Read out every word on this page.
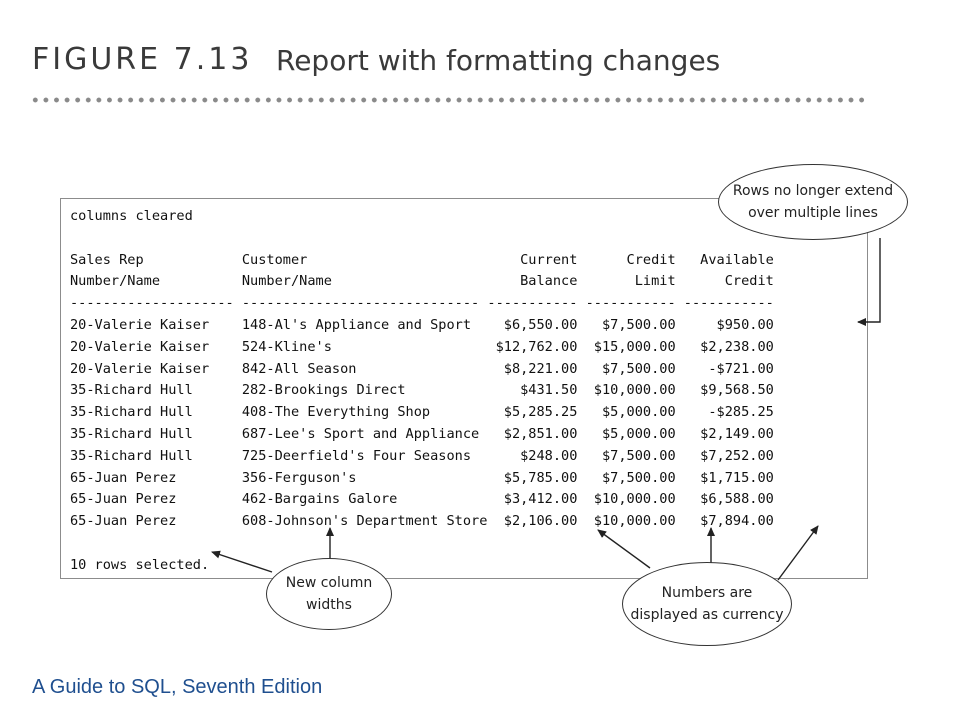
FIGURE 7.13 Report with formatting changes
columns cleared
Sales Rep            Customer                          Current      Credit   Available
Number/Name          Number/Name                       Balance       Limit      Credit
-------------------- ----------------------------- ----------- ----------- -----------
20-Valerie Kaiser    148-Al's Appliance and Sport    $6,550.00   $7,500.00     $950.00
20-Valerie Kaiser    524-Kline's                    $12,762.00  $15,000.00   $2,238.00
20-Valerie Kaiser    842-All Season                  $8,221.00   $7,500.00    -$721.00
35-Richard Hull      282-Brookings Direct              $431.50  $10,000.00   $9,568.50
35-Richard Hull      408-The Everything Shop         $5,285.25   $5,000.00    -$285.25
35-Richard Hull      687-Lee's Sport and Appliance   $2,851.00   $5,000.00   $2,149.00
35-Richard Hull      725-Deerfield's Four Seasons      $248.00   $7,500.00   $7,252.00
65-Juan Perez        356-Ferguson's                  $5,785.00   $7,500.00   $1,715.00
65-Juan Perez        462-Bargains Galore             $3,412.00  $10,000.00   $6,588.00
65-Juan Perez        608-Johnson's Department Store  $2,106.00  $10,000.00   $7,894.00
10 rows selected.
Rows no longer extend
over multiple lines
New column
widths
Numbers are
displayed as currency
A Guide to SQL, Seventh Edition
